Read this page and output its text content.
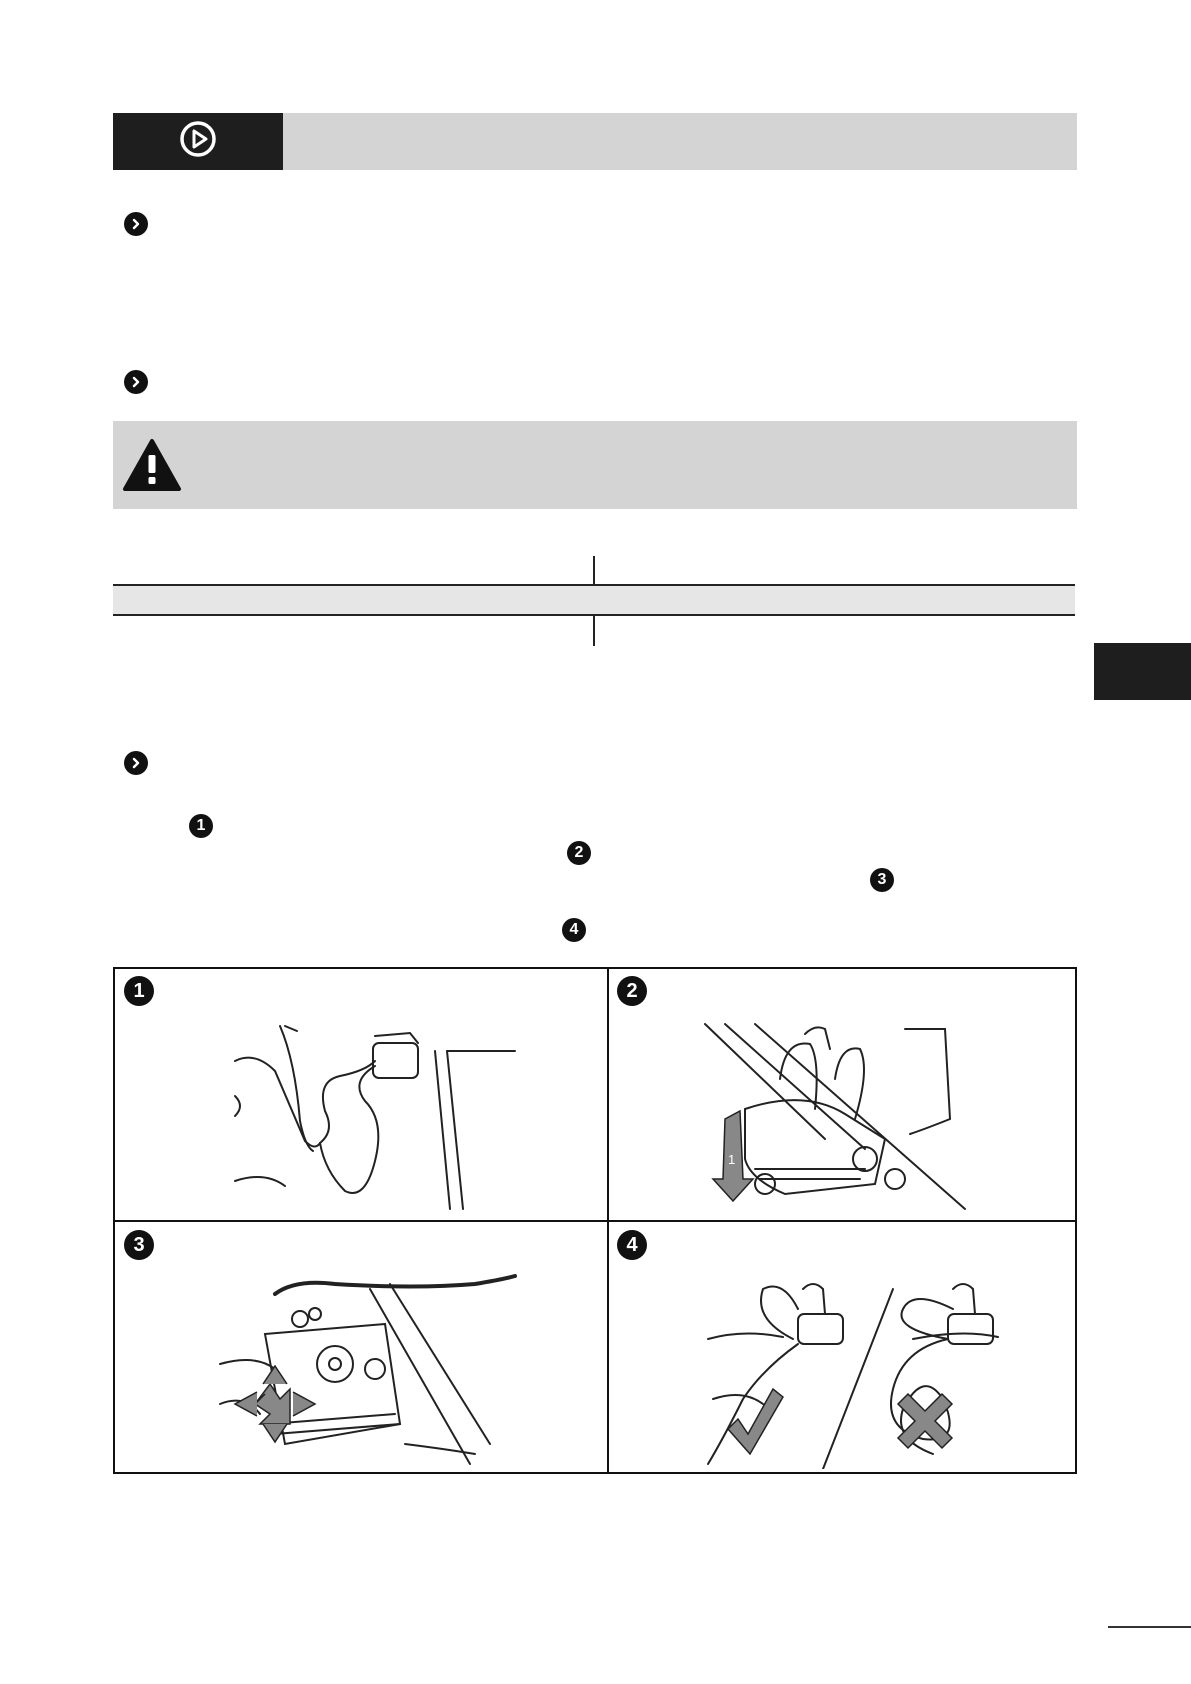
1
2
3
4
1	2
1
3	4
